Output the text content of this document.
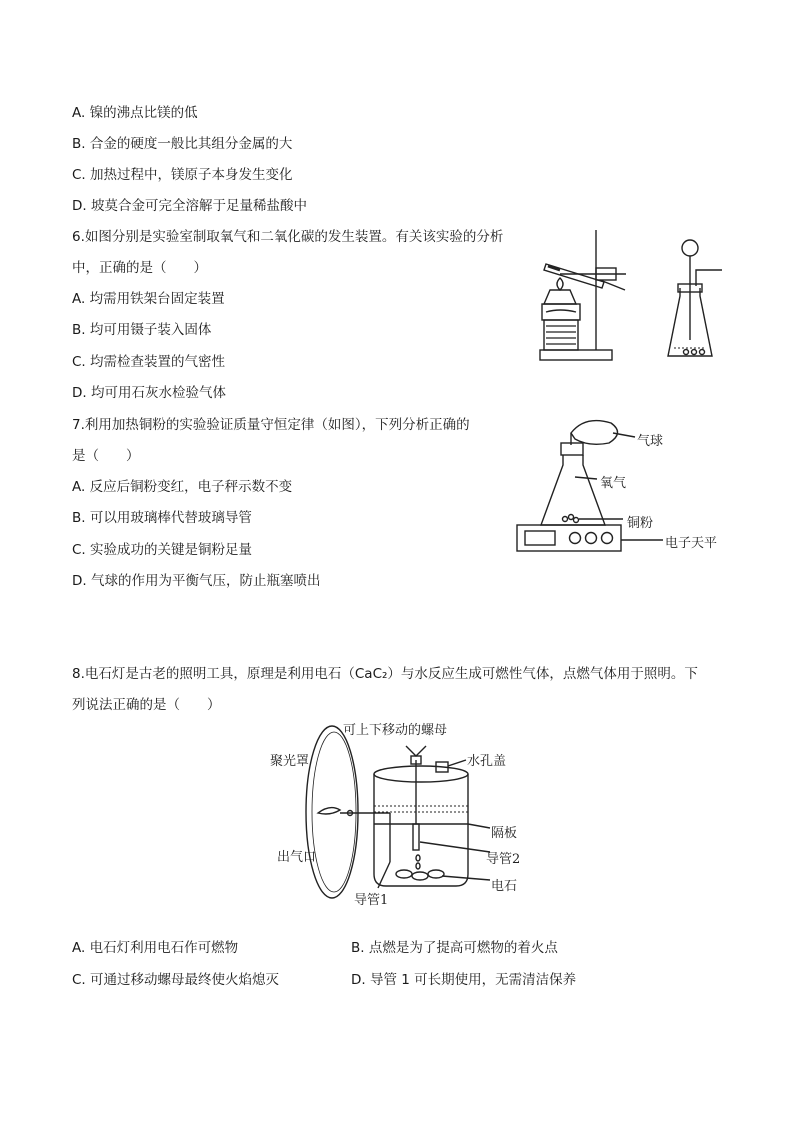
A. 镍的沸点比镁的低
B. 合金的硬度一般比其组分金属的大
C. 加热过程中，镁原子本身发生变化
D. 坡莫合金可完全溶解于足量稀盐酸中
6.如图分别是实验室制取氧气和二氧化碳的发生装置。有关该实验的分析
中，正确的是（　　）
A. 均需用铁架台固定装置
B. 均可用镊子装入固体
C. 均需检查装置的气密性
D. 均可用石灰水检验气体
7.利用加热铜粉的实验验证质量守恒定律（如图），下列分析正确的
是（　　）
A. 反应后铜粉变红，电子秤示数不变
B. 可以用玻璃棒代替玻璃导管
C. 实验成功的关键是铜粉足量
D. 气球的作用为平衡气压，防止瓶塞喷出
气球
氧气
铜粉
电子天平
8.电石灯是古老的照明工具，原理是利用电石（CaC₂）与水反应生成可燃性气体，点燃气体用于照明。下
列说法正确的是（　　）
可上下移动的螺母
聚光罩	水孔盖
隔板
出气口	导管2
电石
导管1
A. 电石灯利用电石作可燃物	B. 点燃是为了提高可燃物的着火点
C. 可通过移动螺母最终使火焰熄灭	D. 导管 1 可长期使用，无需清洁保养
